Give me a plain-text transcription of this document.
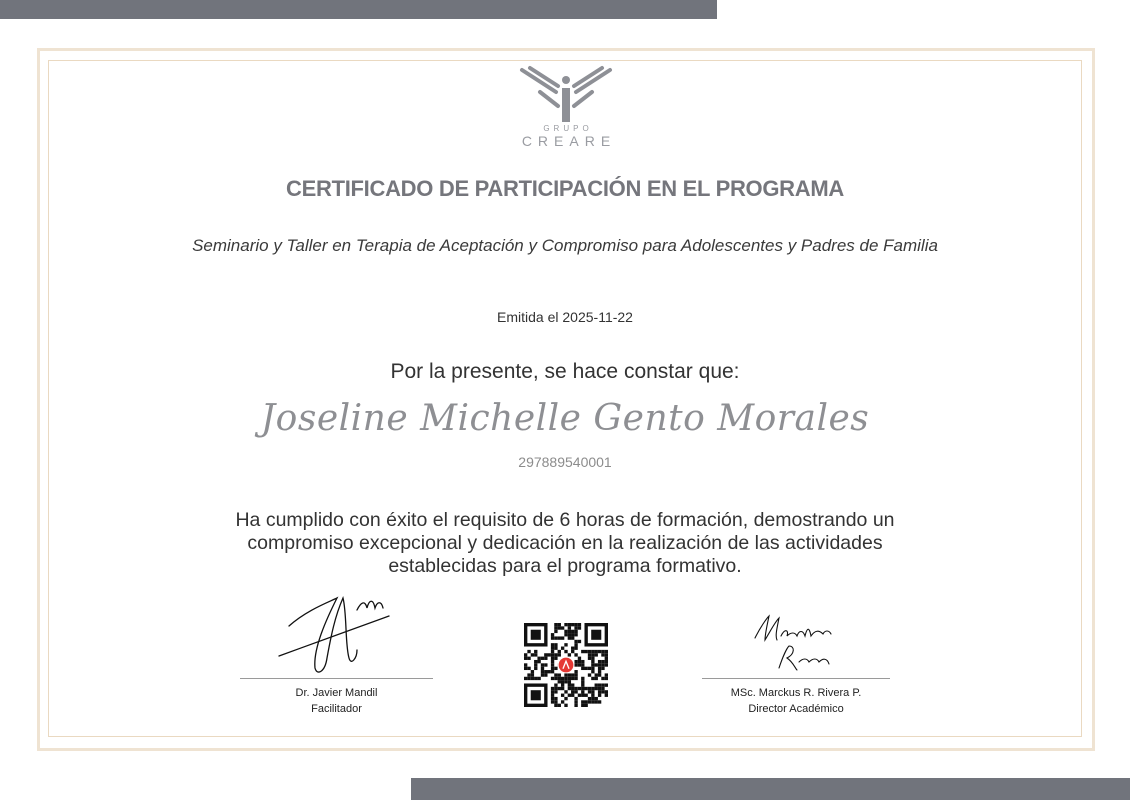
GRUPO
CREARE
CERTIFICADO DE PARTICIPACIÓN EN EL PROGRAMA
Seminario y Taller en Terapia de Aceptación y Compromiso para Adolescentes y Padres de Familia
Emitida el 2025-11-22
Por la presente, se hace constar que:
Joseline Michelle Gento Morales
297889540001
Ha cumplido con éxito el requisito de 6 horas de formación, demostrando un compromiso excepcional y dedicación en la realización de las actividades establecidas para el programa formativo.
Dr. Javier Mandil
Facilitador
MSc. Marckus R. Rivera P.
Director Académico
